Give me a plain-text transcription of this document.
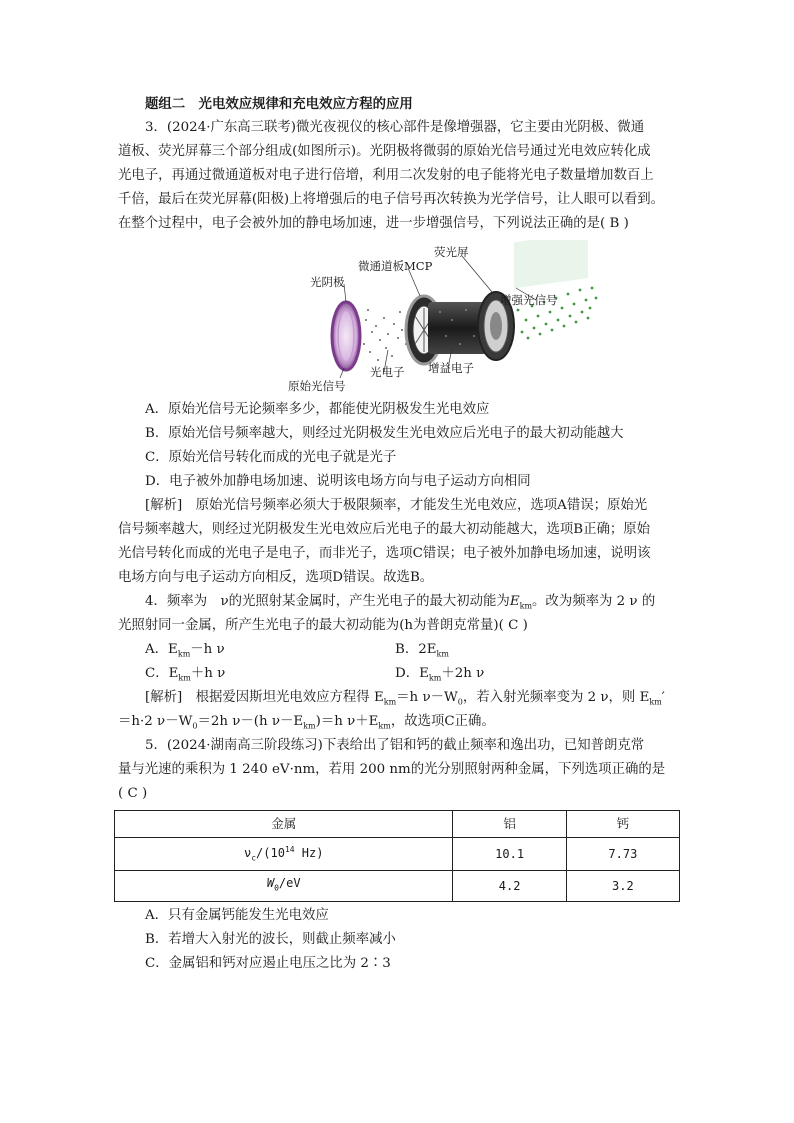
题组二　光电效应规律和充电效应方程的应用
3．(2024·广东高三联考)微光夜视仪的核心部件是像增强器，它主要由光阴极、微通
道板、荧光屏幕三个部分组成(如图所示)。光阴极将微弱的原始光信号通过光电效应转化成
光电子，再通过微通道板对电子进行倍增，利用二次发射的电子能将光电子数量增加数百上
千倍，最后在荧光屏幕(阳极)上将增强后的电子信号再次转换为光学信号，让人眼可以看到。
在整个过程中，电子会被外加的静电场加速，进一步增强信号，下列说法正确的是( B )
光阴极
微通道板MCP
荧光屏
增强光信号
光电子 增益电子
原始光信号
A．原始光信号无论频率多少，都能使光阴极发生光电效应
B．原始光信号频率越大，则经过光阴极发生光电效应后光电子的最大初动能越大
C．原始光信号转化而成的光电子就是光子
D．电子被外加静电场加速、说明该电场方向与电子运动方向相同
[解析]　原始光信号频率必须大于极限频率，才能发生光电效应，选项A错误；原始光
信号频率越大，则经过光阴极发生光电效应后光电子的最大初动能越大，选项B正确；原始
光信号转化而成的光电子是电子，而非光子，选项C错误；电子被外加静电场加速，说明该
电场方向与电子运动方向相反，选项D错误。故选B。
4．频率为　ν的光照射某金属时，产生光电子的最大初动能为$E_{km}$。改为频率为 2 ν 的
光照射同一金属，所产生光电子的最大初动能为(h为普朗克常量)( C )
A．$E_{km}-h$ ν	B．$2E_{km}$
C．$E_{km}+h$ ν	D．$E_{km}+2h$ ν
[解析]　根据爱因斯坦光电效应方程得 $E_{km}=h$ $\nu-W_0$，若入射光频率变为 2 ν，则 $E_{km}'$
＝h·2 $\nu-W_0=2h$ ν－(h $\nu-E_{km})=h$ $\nu+E_{km}$，故选项C正确。
5．(2024·湖南高三阶段练习)下表给出了铝和钙的截止频率和逸出功，已知普朗克常
量与光速的乘积为 1 240 eV·nm，若用 200 nm的光分别照射两种金属，下列选项正确的是
( C )
金属	铝	钙
$\nu_c/(10^{14}$ Hz)	10.1	7.73
$W_0/eV$	4.2	3.2
A．只有金属钙能发生光电效应
B．若增大入射光的波长，则截止频率减小
C．金属铝和钙对应遏止电压之比为 2∶3
